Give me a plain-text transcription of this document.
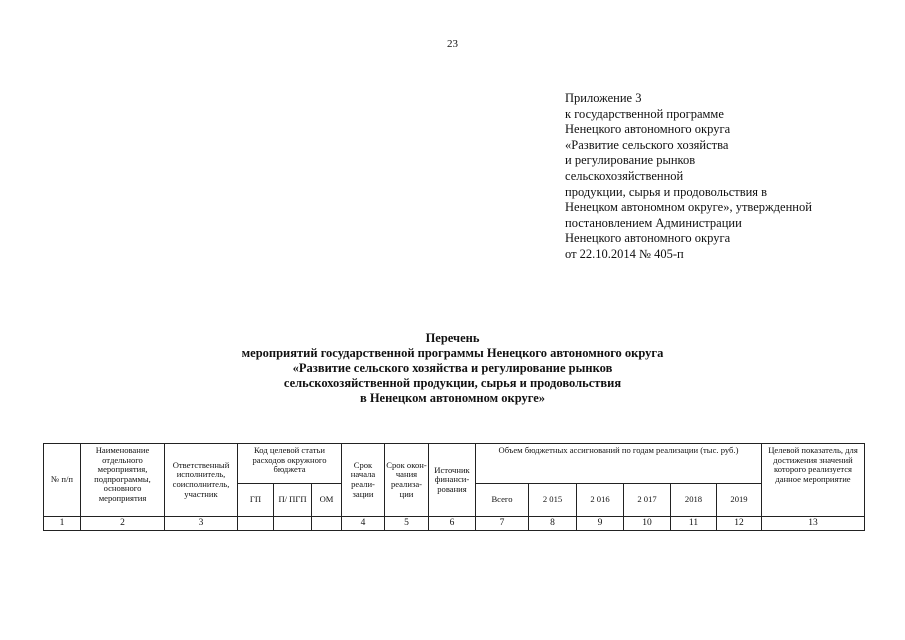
23
Приложение 3
к государственной программе
Ненецкого автономного округа
«Развитие сельского хозяйства
и регулирование рынков
сельскохозяйственной
продукции, сырья и продовольствия в
Ненецком автономном округе», утвержденной
постановлением Администрации
Ненецкого автономного округа
от 22.10.2014 № 405-п
Перечень
мероприятий государственной программы Ненецкого автономного округа
«Развитие сельского хозяйства и регулирование рынков
сельскохозяйственной продукции, сырья и продовольствия
в Ненецком автономном округе»
№ п/п	Наименование отдельного мероприятия, подпрограммы, основного мероприятия	Ответственный исполнитель, соисполнитель, участник	Код целевой статьи расходов окружного бюджета			Срок начала реали-зации	Срок окон-чания реализа-ции	Источник финанси-рования	Объем бюджетных ассигнований по годам реализации (тыс. руб.)						Целевой показатель, для достижения значений которого реализуется данное мероприятие
			ГП	П/ ПГП	ОМ				Всего	2 015	2 016	2 017	2018	2019	
1	2	3				4	5	6	7	8	9	10	11	12	13
